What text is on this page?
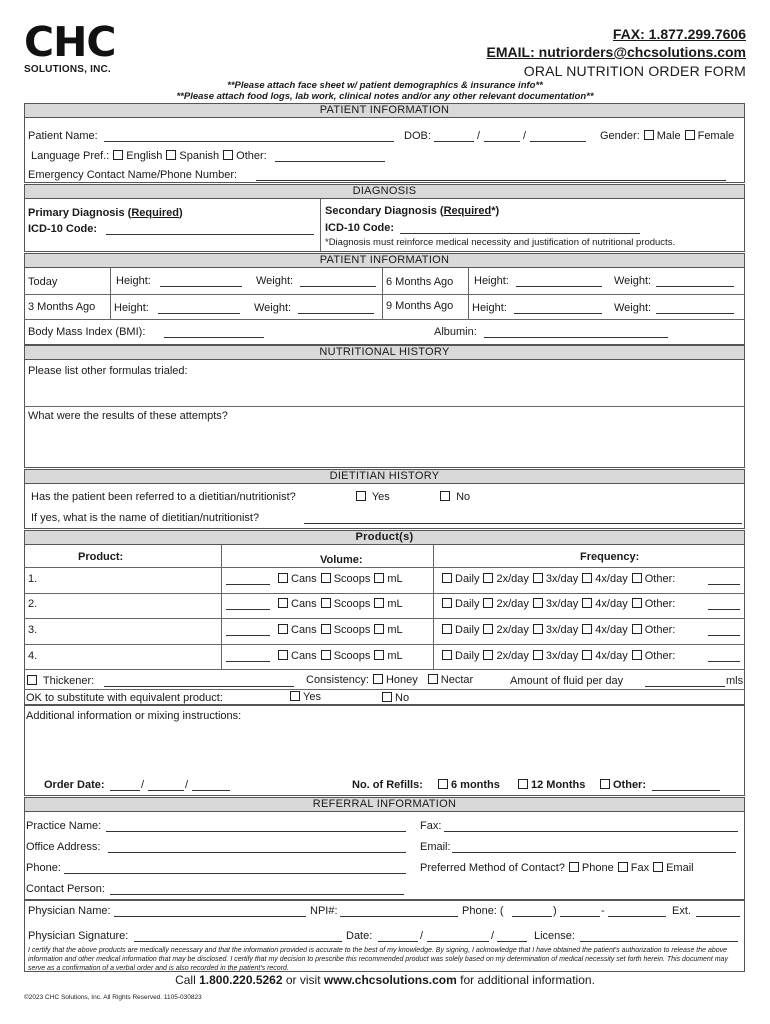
CHC
SOLUTIONS, INC.
FAX: 1.877.299.7606
EMAIL: nutriorders@chcsolutions.com
ORAL NUTRITION ORDER FORM
**Please attach face sheet w/ patient demographics & insurance info**
**Please attach food logs, lab work, clinical notes and/or any other relevant documentation**
PATIENT INFORMATION
Patient Name:	DOB:	/	/	Gender: Male Female
Language Pref.: English Spanish Other:
Emergency Contact Name/Phone Number:
DIAGNOSIS
Primary Diagnosis (Required)
ICD-10 Code:
Secondary Diagnosis (Required*)
ICD-10 Code:
*Diagnosis must reinforce medical necessity and justification of nutritional products.
PATIENT INFORMATION
Today	Height:	Weight:	6 Months Ago Height:	Weight:
3 Months Ago Height:	Weight:	9 Months Ago Height:	Weight:
Body Mass Index (BMI):	Albumin:
NUTRITIONAL HISTORY
Please list other formulas trialed:
What were the results of these attempts?
DIETITIAN HISTORY
Has the patient been referred to a dietitian/nutritionist?	Yes	No
If yes, what is the name of dietitian/nutritionist?
Product(s)
Product:	Volume:	Frequency:
1.	Cans Scoops mL	Daily 2x/day 3x/day 4x/day Other:
2.	Cans Scoops mL	Daily 2x/day 3x/day 4x/day Other:
3.	Cans Scoops mL	Daily 2x/day 3x/day 4x/day Other:
4.	Cans Scoops mL	Daily 2x/day 3x/day 4x/day Other:
Thickener:	Consistency: Honey Nectar	Amount of fluid per day	mls
OK to substitute with equivalent product:	Yes	No
Additional information or mixing instructions:
Order Date:	/	/	No. of Refills:	6 months	12 Months	Other:
REFERRAL INFORMATION
Practice Name:	Fax:
Office Address:	Email:
Phone:	Preferred Method of Contact? Phone Fax Email
Contact Person:
Physician Name:	NPI#:	Phone: (	)	-	Ext.
Physician Signature:	Date:	/	/	License:
I certify that the above products are medically necessary and that the information provided is accurate to the best of my knowledge. By signing, I acknowledge that I have obtained the patient's authorization to release the above information and other medical information that may be disclosed. I certify that my decision to prescribe this recommended product was solely based on my determination of medical necessity set forth herein. This document may serve as a confirmation of a verbal order and is also recorded in the patient's record.
Call 1.800.220.5262 or visit www.chcsolutions.com for additional information.
©2023 CHC Solutions, Inc. All Rights Reserved. 1105-030823
